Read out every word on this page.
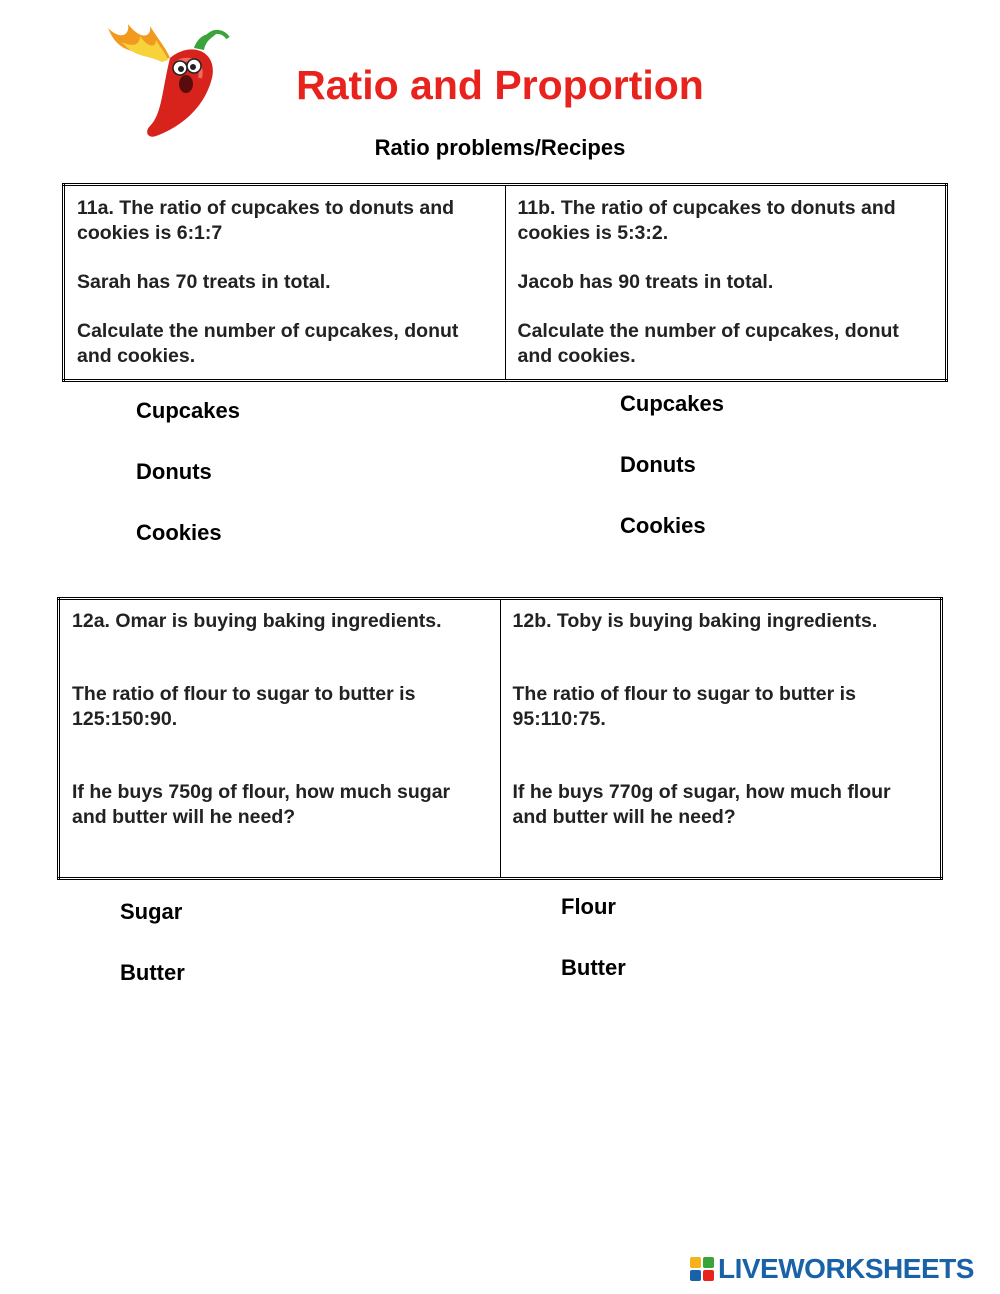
Ratio and Proportion
Ratio problems/Recipes

11a. The ratio of cupcakes to donuts and cookies is 6:1:7

Sarah has 70 treats in total.

Calculate the number of cupcakes, donut and cookies.

11b. The ratio of cupcakes to donuts and cookies is 5:3:2.

Jacob has 90 treats in total.

Calculate the number of cupcakes, donut and cookies.

Cupcakes
Donuts
Cookies
Cupcakes
Donuts
Cookies

12a. Omar is buying baking ingredients.

The ratio of flour to sugar to butter is 125:150:90.

If he buys 750g of flour, how much sugar and butter will he need?

12b. Toby is buying baking ingredients.

The ratio of flour to sugar to butter is 95:110:75.

If he buys 770g of sugar, how much flour and butter will he need?

Sugar
Butter
Flour
Butter
LIVEWORKSHEETS
